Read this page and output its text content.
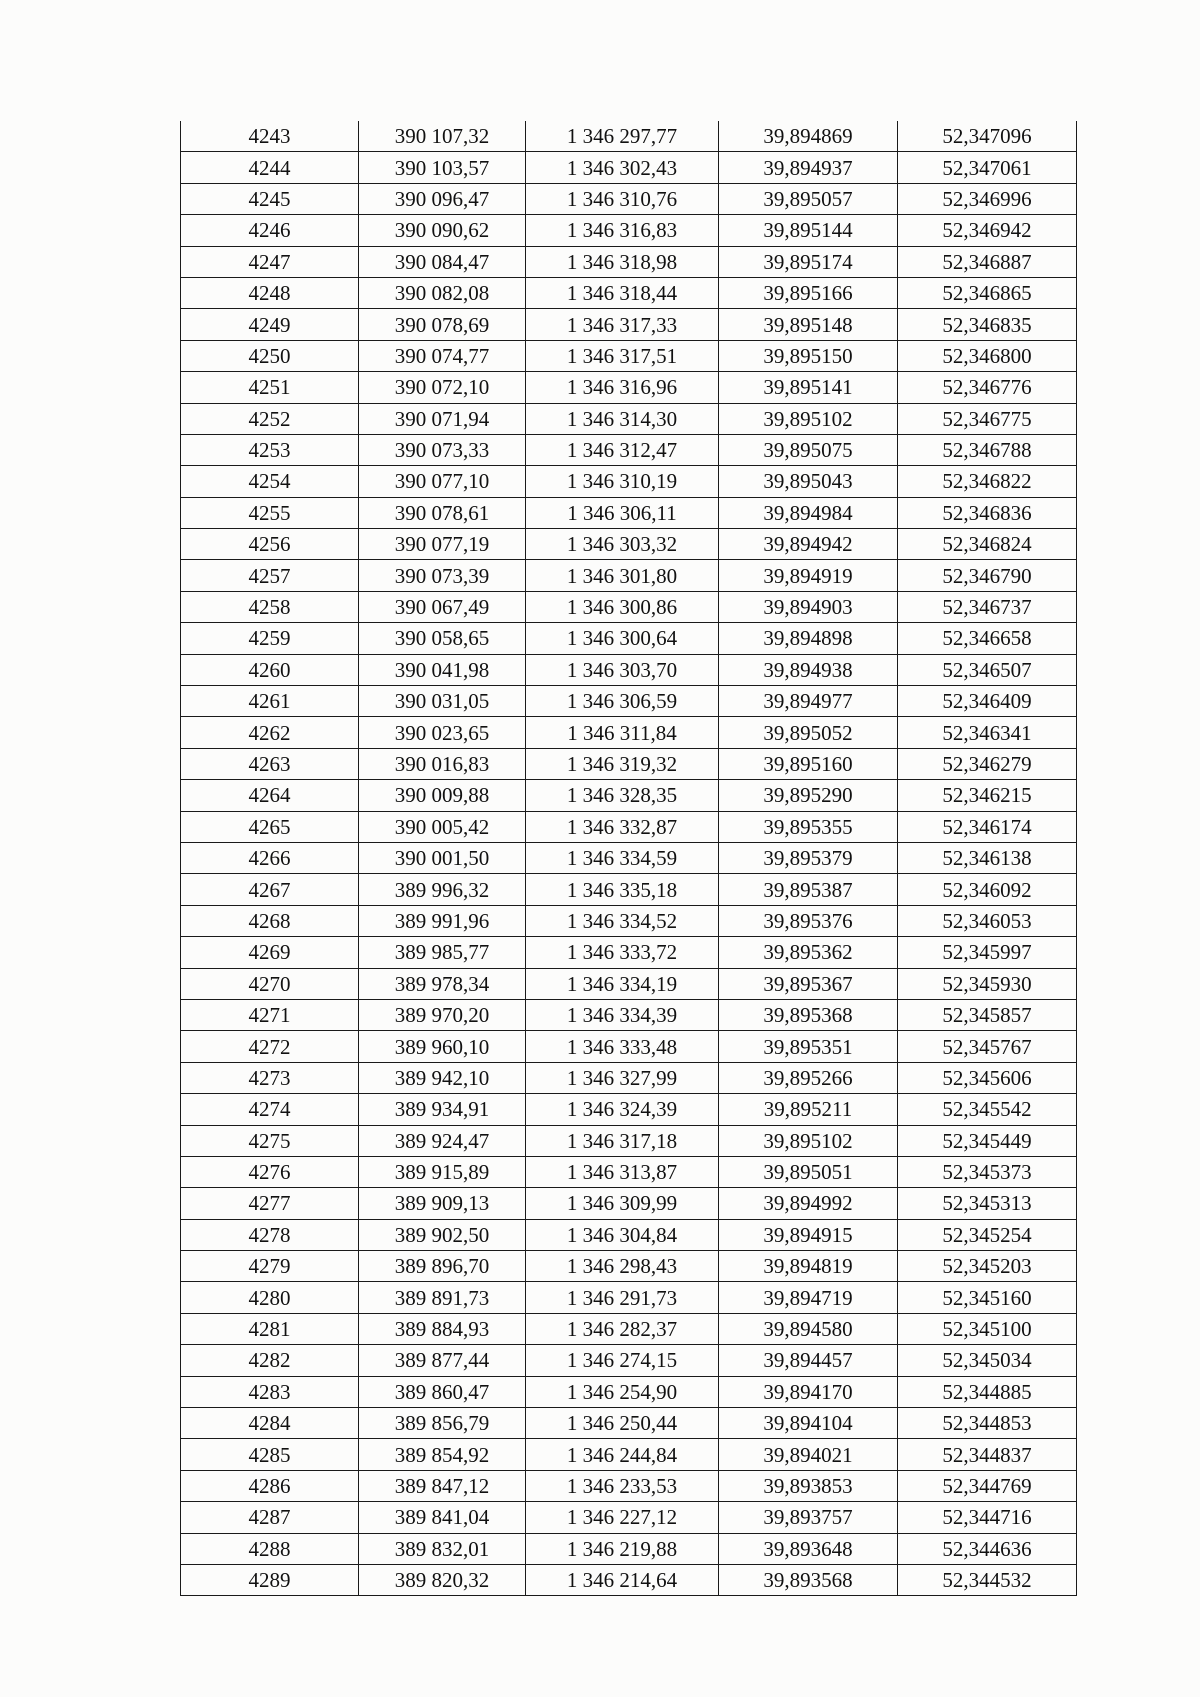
4243	390 107,32	1 346 297,77	39,894869	52,347096
4244	390 103,57	1 346 302,43	39,894937	52,347061
4245	390 096,47	1 346 310,76	39,895057	52,346996
4246	390 090,62	1 346 316,83	39,895144	52,346942
4247	390 084,47	1 346 318,98	39,895174	52,346887
4248	390 082,08	1 346 318,44	39,895166	52,346865
4249	390 078,69	1 346 317,33	39,895148	52,346835
4250	390 074,77	1 346 317,51	39,895150	52,346800
4251	390 072,10	1 346 316,96	39,895141	52,346776
4252	390 071,94	1 346 314,30	39,895102	52,346775
4253	390 073,33	1 346 312,47	39,895075	52,346788
4254	390 077,10	1 346 310,19	39,895043	52,346822
4255	390 078,61	1 346 306,11	39,894984	52,346836
4256	390 077,19	1 346 303,32	39,894942	52,346824
4257	390 073,39	1 346 301,80	39,894919	52,346790
4258	390 067,49	1 346 300,86	39,894903	52,346737
4259	390 058,65	1 346 300,64	39,894898	52,346658
4260	390 041,98	1 346 303,70	39,894938	52,346507
4261	390 031,05	1 346 306,59	39,894977	52,346409
4262	390 023,65	1 346 311,84	39,895052	52,346341
4263	390 016,83	1 346 319,32	39,895160	52,346279
4264	390 009,88	1 346 328,35	39,895290	52,346215
4265	390 005,42	1 346 332,87	39,895355	52,346174
4266	390 001,50	1 346 334,59	39,895379	52,346138
4267	389 996,32	1 346 335,18	39,895387	52,346092
4268	389 991,96	1 346 334,52	39,895376	52,346053
4269	389 985,77	1 346 333,72	39,895362	52,345997
4270	389 978,34	1 346 334,19	39,895367	52,345930
4271	389 970,20	1 346 334,39	39,895368	52,345857
4272	389 960,10	1 346 333,48	39,895351	52,345767
4273	389 942,10	1 346 327,99	39,895266	52,345606
4274	389 934,91	1 346 324,39	39,895211	52,345542
4275	389 924,47	1 346 317,18	39,895102	52,345449
4276	389 915,89	1 346 313,87	39,895051	52,345373
4277	389 909,13	1 346 309,99	39,894992	52,345313
4278	389 902,50	1 346 304,84	39,894915	52,345254
4279	389 896,70	1 346 298,43	39,894819	52,345203
4280	389 891,73	1 346 291,73	39,894719	52,345160
4281	389 884,93	1 346 282,37	39,894580	52,345100
4282	389 877,44	1 346 274,15	39,894457	52,345034
4283	389 860,47	1 346 254,90	39,894170	52,344885
4284	389 856,79	1 346 250,44	39,894104	52,344853
4285	389 854,92	1 346 244,84	39,894021	52,344837
4286	389 847,12	1 346 233,53	39,893853	52,344769
4287	389 841,04	1 346 227,12	39,893757	52,344716
4288	389 832,01	1 346 219,88	39,893648	52,344636
4289	389 820,32	1 346 214,64	39,893568	52,344532
